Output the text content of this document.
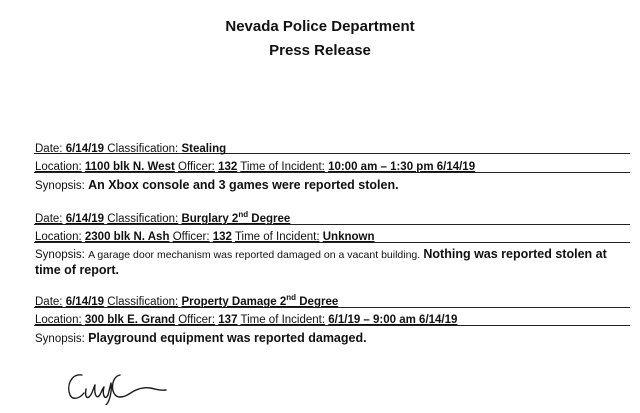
Nevada Police Department
Press Release
Date: 6/14/19 Classification: Stealing
Location: 1100 blk N. West Officer: 132 Time of Incident: 10:00 am – 1:30 pm 6/14/19
Synopsis: An Xbox console and 3 games were reported stolen.
Date: 6/14/19 Classification: Burglary 2nd Degree
Location: 2300 blk N. Ash Officer: 132 Time of Incident: Unknown
Synopsis: A garage door mechanism was reported damaged on a vacant building. Nothing was reported stolen at time of report.
Date: 6/14/19 Classification: Property Damage 2nd Degree
Location: 300 blk E. Grand Officer: 137 Time of Incident: 6/1/19 – 9:00 am 6/14/19
Synopsis: Playground equipment was reported damaged.
